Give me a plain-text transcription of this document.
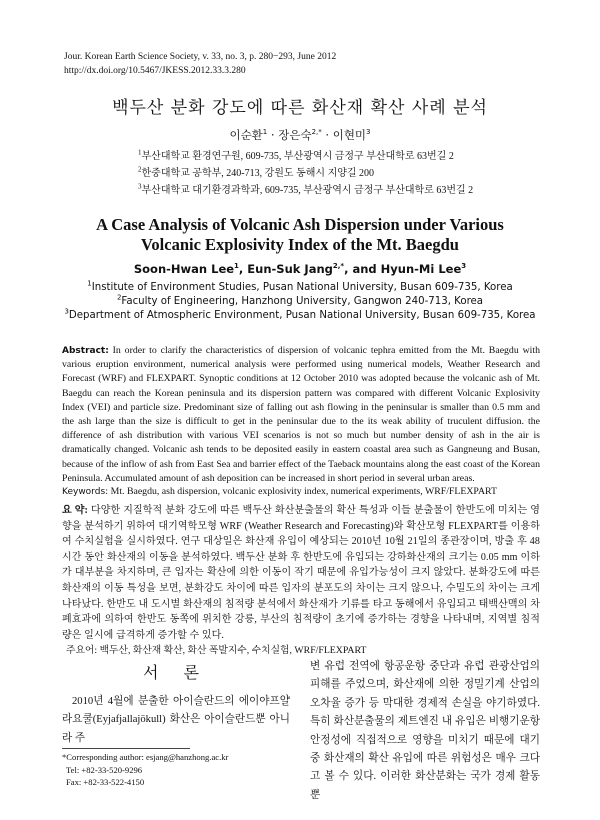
Jour. Korean Earth Science Society, v. 33, no. 3, p. 280−293, June 2012
http://dx.doi.org/10.5467/JKESS.2012.33.3.280
백두산 분화 강도에 따른 화산재 확산 사례 분석
이순환$^1$ · 장은숙$^{2,*}$ · 이현미$^3$
$^1$부산대학교 환경연구원, 609-735, 부산광역시 금정구 부산대학로 63번길 2
$^2$한중대학교 공학부, 240-713, 강원도 동해시 지양길 200
$^3$부산대학교 대기환경과학과, 609-735, 부산광역시 금정구 부산대학로 63번길 2
A Case Analysis of Volcanic Ash Dispersion under Various
Volcanic Explosivity Index of the Mt. Baegdu
Soon-Hwan Lee$^1$, Eun-Suk Jang$^{2,*}$, and Hyun-Mi Lee$^3$
$^1$Institute of Environment Studies, Pusan National University, Busan 609-735, Korea
$^2$Faculty of Engineering, Hanzhong University, Gangwon 240-713, Korea
$^3$Department of Atmospheric Environment, Pusan National University, Busan 609-735, Korea
Abstract: In order to clarify the characteristics of dispersion of volcanic tephra emitted from the Mt. Baegdu with various eruption environment, numerical analysis were performed using numerical models, Weather Research and Forecast (WRF) and FLEXPART. Synoptic conditions at 12 October 2010 was adopted because the volcanic ash of Mt. Baegdu can reach the Korean peninsula and its dispersion pattern was compared with different Volcanic Explosivity Index (VEI) and particle size. Predominant size of falling out ash flowing in the peninsular is smaller than 0.5 mm and the ash large than the size is difficult to get in the peninsular due to the its weak ability of truculent diffusion. the difference of ash distribution with various VEI scenarios is not so much but number density of ash in the air is dramatically changed. Volcanic ash tends to be deposited easily in eastern coastal area such as Gangneung and Busan, because of the inflow of ash from East Sea and barrier effect of the Taeback mountains along the east coast of the Korean Peninsula. Accumulated amount of ash deposition can be increased in short period in several urban areas.
Keywords: Mt. Baegdu, ash dispersion, volcanic explosivity index, numerical experiments, WRF/FLEXPART
요 약: 다양한 지질학적 분화 강도에 따른 백두산 화산분출물의 확산 특성과 이들 분출물이 한반도에 미치는 영향을 분석하기 위하여 대기역학모형 WRF (Weather Research and Forecasting)와 확산모형 FLEXPART를 이용하여 수치실험을 실시하였다. 연구 대상일은 화산재 유입이 예상되는 2010년 10월 21일의 종관장이며, 방출 후 48시간 동안 화산재의 이동을 분석하였다. 백두산 분화 후 한반도에 유입되는 강하화산재의 크기는 0.05 mm 이하가 대부분을 차지하며, 큰 입자는 확산에 의한 이동이 작기 때문에 유입가능성이 크지 않았다. 분화강도에 따른 화산재의 이동 특성을 보면, 분화강도 차이에 따른 입자의 분포도의 차이는 크지 않으나, 수밀도의 차이는 크게 나타났다. 한반도 내 도시별 화산재의 침적량 분석에서 화산재가 기류를 타고 동해에서 유입되고 태백산맥의 차폐효과에 의하여 한반도 동쪽에 위치한 강릉, 부산의 침적량이 초기에 증가하는 경향을 나타내며, 지역별 침적량은 일시에 급격하게 증가할 수 있다.
주요어: 백두산, 화산재 확산, 화산 폭발지수, 수치실험, WRF/FLEXPART
서 론
2010년 4월에 분출한 아이슬란드의 에이야프얄라요쿨(Eyjafjallajökull) 화산은 아이슬란드뿐 아니라 주
변 유럽 전역에 항공운항 중단과 유럽 관광산업의 피해를 주었으며, 화산재에 의한 정밀기계 산업의 오차율 증가 등 막대한 경제적 손실을 야기하였다. 특히 화산분출물의 제트엔진 내 유입은 비행기운항 안정성에 직접적으로 영향을 미치기 때문에 대기 중 화산재의 확산 유입에 따른 위험성은 매우 크다고 볼 수 있다. 이러한 화산분화는 국가 경제 활동 뿐
*Corresponding author: esjang@hanzhong.ac.kr
Tel: +82-33-520-9296
Fax: +82-33-522-4150
